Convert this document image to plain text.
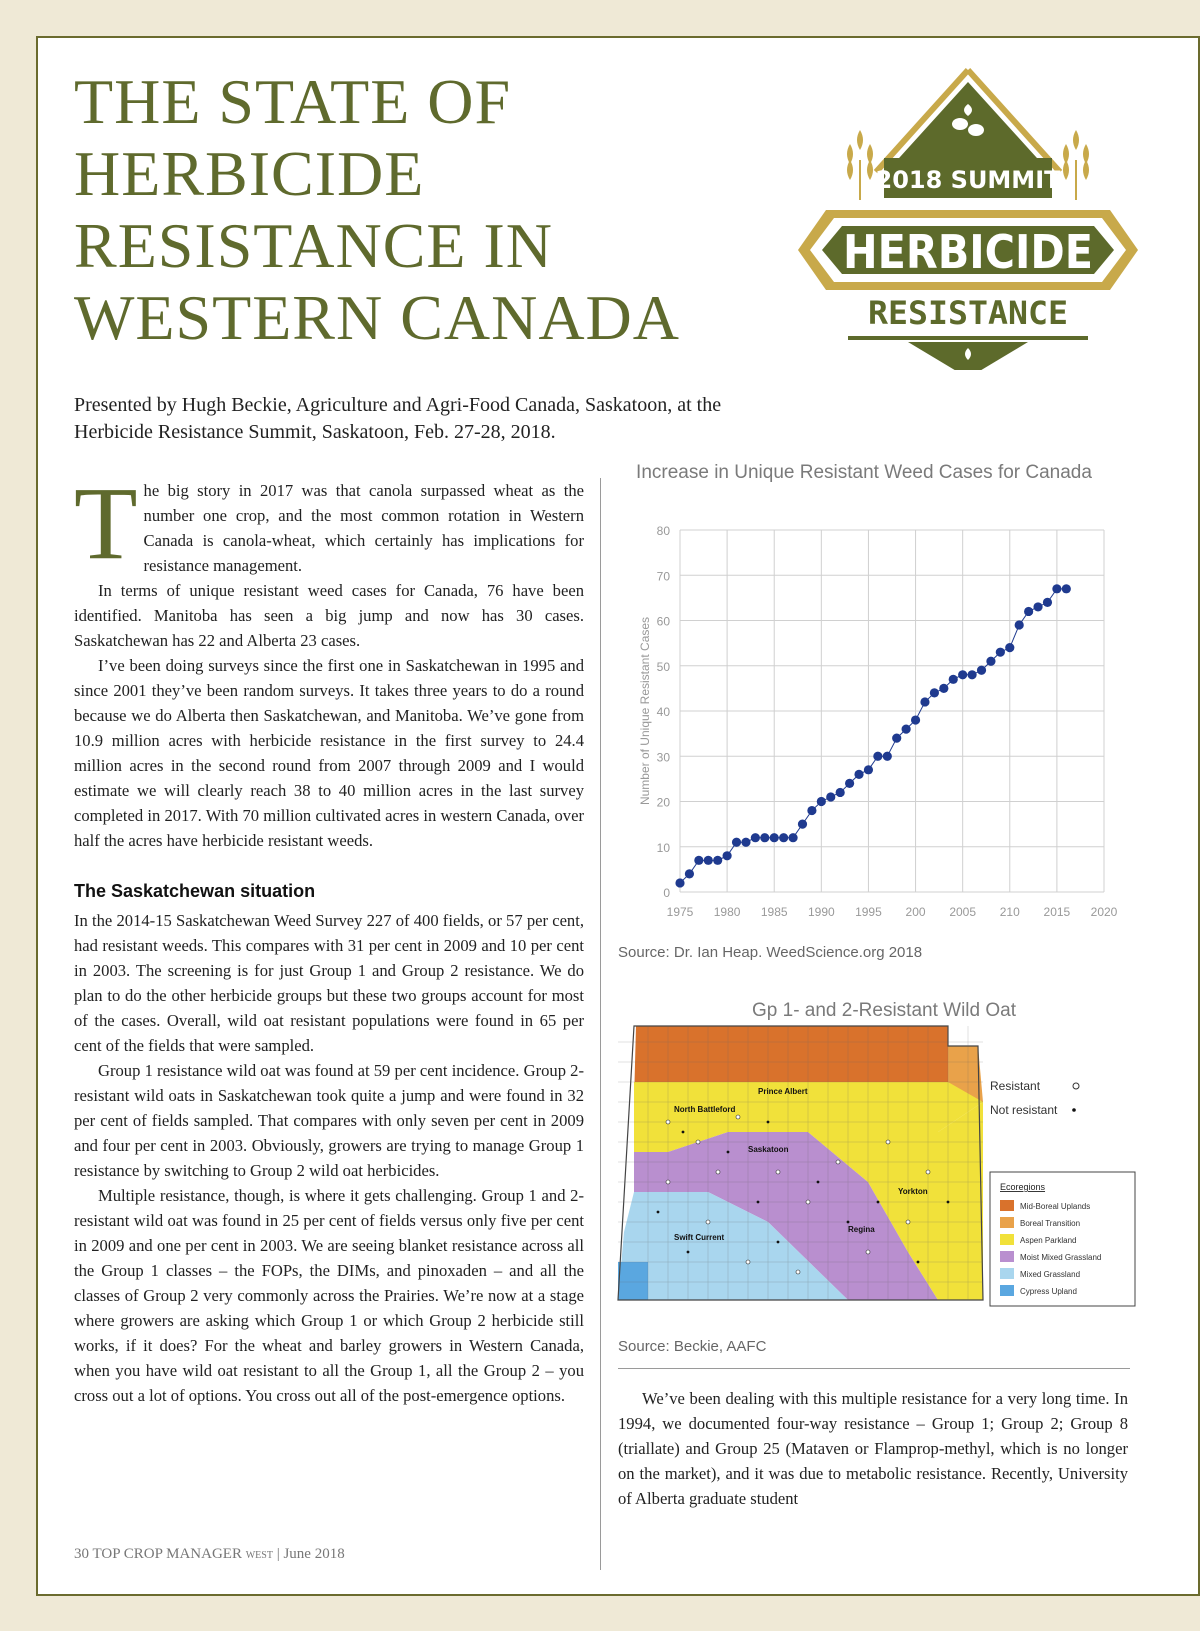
THE STATE OF
HERBICIDE
RESISTANCE IN
WESTERN CANADA
Presented by Hugh Beckie, Agriculture and Agri-Food Canada, Saskatoon, at the Herbicide Resistance Summit, Saskatoon, Feb. 27-28, 2018.
2018 SUMMIT
HERBICIDE
RESISTANCE

The big story in 2017 was that canola surpassed wheat as the number one crop, and the most common rotation in Western Canada is canola-wheat, which certainly has implications for resistance management.

In terms of unique resistant weed cases for Canada, 76 have been identified. Manitoba has seen a big jump and now has 30 cases. Saskatchewan has 22 and Alberta 23 cases.

I’ve been doing surveys since the first one in Saskatchewan in 1995 and since 2001 they’ve been random surveys. It takes three years to do a round because we do Alberta then Saskatchewan, and Manitoba. We’ve gone from 10.9 million acres with herbicide resistance in the first survey to 24.4 million acres in the second round from 2007 through 2009 and I would estimate we will clearly reach 38 to 40 million acres in the last survey completed in 2017. With 70 million cultivated acres in western Canada, over half the acres have herbicide resistant weeds.

The Saskatchewan situation

In the 2014-15 Saskatchewan Weed Survey 227 of 400 fields, or 57 per cent, had resistant weeds. This compares with 31 per cent in 2009 and 10 per cent in 2003. The screening is for just Group 1 and Group 2 resistance. We do plan to do the other herbicide groups but these two groups account for most of the cases. Overall, wild oat resistant populations were found in 65 per cent of the fields that were sampled.

Group 1 resistance wild oat was found at 59 per cent incidence. Group 2-resistant wild oats in Saskatchewan took quite a jump and were found in 32 per cent of fields sampled. That compares with only seven per cent in 2009 and four per cent in 2003. Obviously, growers are trying to manage Group 1 resistance by switching to Group 2 wild oat herbicides.

Multiple resistance, though, is where it gets challenging. Group 1 and 2-resistant wild oat was found in 25 per cent of fields versus only five per cent in 2009 and one per cent in 2003. We are seeing blanket resistance across all the Group 1 classes – the FOPs, the DIMs, and pinoxaden – and all the classes of Group 2 very commonly across the Prairies. We’re now at a stage where growers are asking which Group 1 or which Group 2 herbicide still works, if it does? For the wheat and barley growers in Western Canada, when you have wild oat resistant to all the Group 1, all the Group 2 – you cross out a lot of options. You cross out all of the post-emergence options.

Increase in Unique Resistant Weed Cases for Canada
0
10
20
30
40
50
60
70
80
1975 1980 1985 1990 1995 200 2005 210 2015 2020
Number of Unique Resistant Cases
Source: Dr. Ian Heap. WeedScience.org 2018
Gp 1- and 2-Resistant Wild Oat
Prince Albert
North Battleford
Saskatoon
Yorkton
Regina
Swift Current
Resistant
Not resistant
Ecoregions
Mid-Boreal Uplands
Boreal Transition
Aspen Parkland
Moist Mixed Grassland
Mixed Grassland
Cypress Upland
Source: Beckie, AAFC

We’ve been dealing with this multiple resistance for a very long time. In 1994, we documented four-way resistance – Group 1; Group 2; Group 8 (triallate) and Group 25 (Mataven or Flamprop-methyl, which is no longer on the market), and it was due to metabolic resistance. Recently, University of Alberta graduate student

30 TOP CROP MANAGER WEST | June 2018
